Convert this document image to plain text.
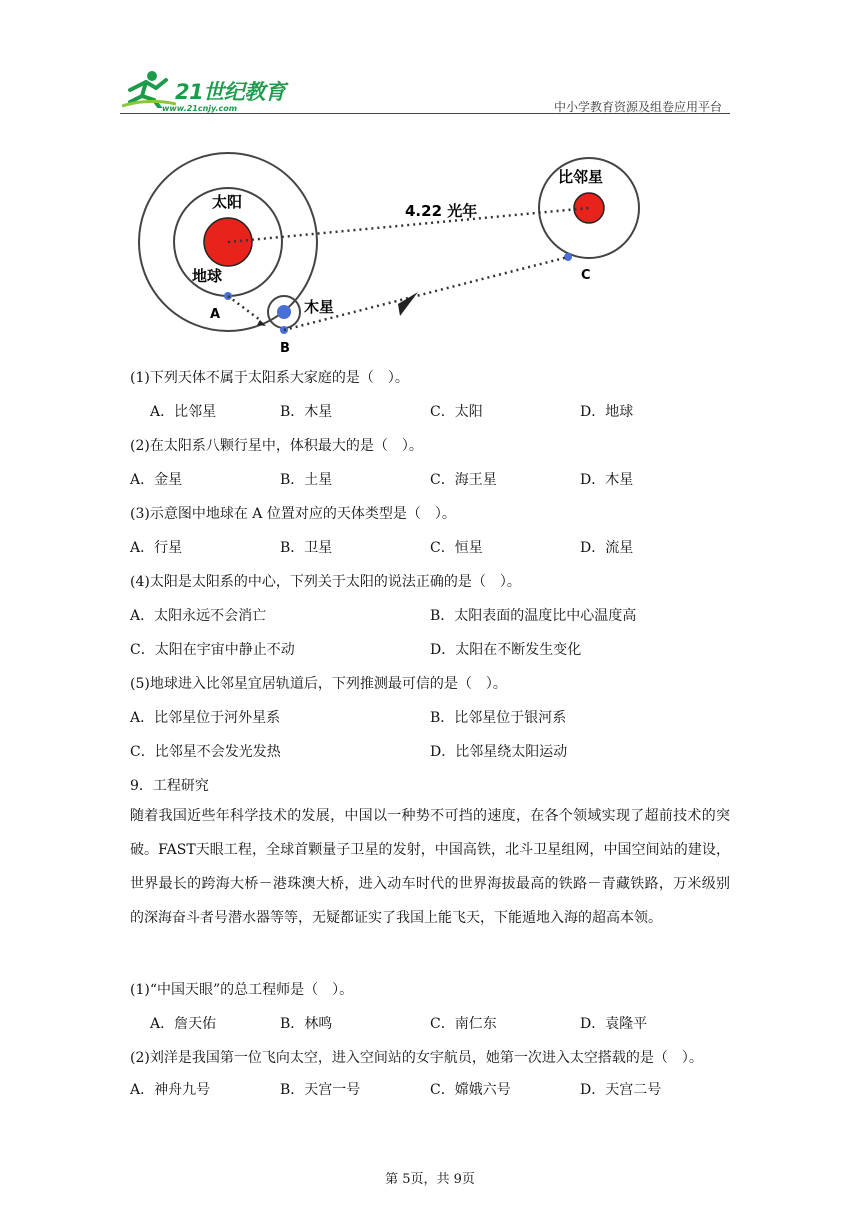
21世纪教育
www.21cnjy.com	中小学教育资源及组卷应用平台
太阳
地球
木星
比邻星
4.22 光年
A
B
C
(1)下列天体不属于太阳系大家庭的是（　）。
A．比邻星	B．木星	C．太阳	D．地球
(2)在太阳系八颗行星中，体积最大的是（　）。
A．金星	B．土星	C．海王星	D．木星
(3)示意图中地球在 A 位置对应的天体类型是（　）。
A．行星	B．卫星	C．恒星	D．流星
(4)太阳是太阳系的中心，下列关于太阳的说法正确的是（　）。
A．太阳永远不会消亡	B．太阳表面的温度比中心温度高
C．太阳在宇宙中静止不动	D．太阳在不断发生变化
(5)地球进入比邻星宜居轨道后，下列推测最可信的是（　）。
A．比邻星位于河外星系	B．比邻星位于银河系
C．比邻星不会发光发热	D．比邻星绕太阳运动
9．工程研究
随着我国近些年科学技术的发展，中国以一种势不可挡的速度，在各个领域实现了超前技术的突破。FAST天眼工程，全球首颗量子卫星的发射，中国高铁，北斗卫星组网，中国空间站的建设，世界最长的跨海大桥－港珠澳大桥，进入动车时代的世界海拔最高的铁路－青藏铁路，万米级别的深海奋斗者号潜水器等等，无疑都证实了我国上能飞天，下能遁地入海的超高本领。
(1)“中国天眼”的总工程师是（　）。
A．詹天佑	B．林鸣	C．南仁东	D．袁隆平
(2)刘洋是我国第一位飞向太空，进入空间站的女宇航员，她第一次进入太空搭载的是（　）。
A．神舟九号	B．天宫一号	C．嫦娥六号	D．天宫二号
第 5页，共 9页
